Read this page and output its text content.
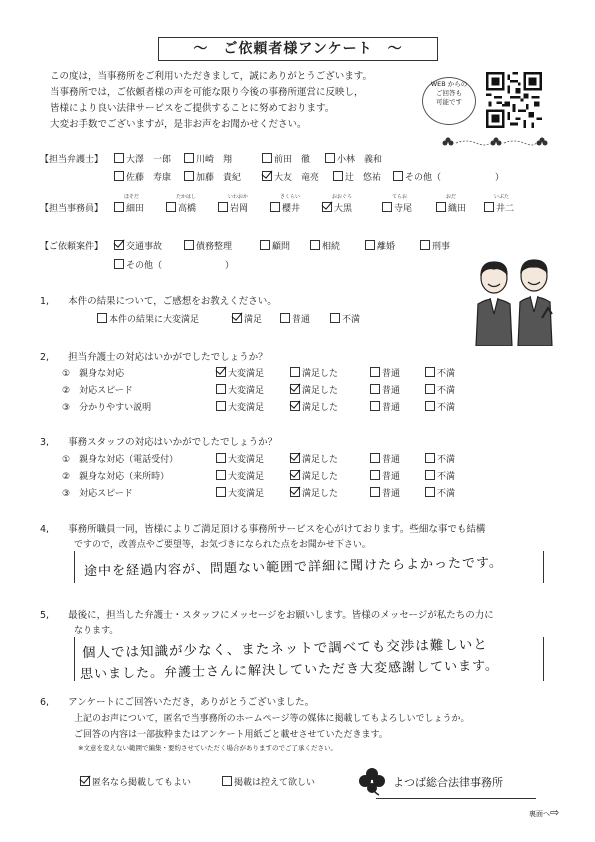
～　ご依頼者様アンケート　～
この度は，当事務所をご利用いただきまして，誠にありがとうございます。
当事務所では，ご依頼者様の声を可能な限り今後の事務所運営に反映し，
皆様により良い法律サービスをご提供することに努めております。
大変お手数でございますが，是非お声をお聞かせください。
WEB からの
ご回答も
可能です
【担当弁護士】	大澤　一郎	川崎　翔	前田　徹	小林　義和
佐藤　寿康	加藤　貴紀	大友　竜亮	辻　悠祐	その他（　　　　　　）
【担当事務員】
ほそだ	たかはし	いわおか	さくらい	おおぐろ	てらお	おだ	いぶた
細田	高橋	岩岡	櫻井	大黒	寺尾	織田	井二
【ご依頼案件】	交通事故	債務整理	顧問	相続	離婚	刑事
その他（　　　　　　　）
1,　　 本件の結果について，ご感想をお教えください。
本件の結果に大変満足	満足	普通	不満
2,　　 担当弁護士の対応はいかがでしたでしょうか？
①　親身な対応	大変満足	満足した	普通	不満
②　対応スピード	大変満足	満足した	普通	不満
③　分かりやすい説明	大変満足	満足した	普通	不満
3,　　 事務スタッフの対応はいかがでしたでしょうか？
①　親身な対応（電話受付）	大変満足	満足した	普通	不満
②　親身な対応（来所時）	大変満足	満足した	普通	不満
③　対応スピード	大変満足	満足した	普通	不満
4,　　 事務所職員一同，皆様によりご満足頂ける事務所サービスを心がけております。些細な事でも結構
ですので，改善点やご要望等，お気づきになられた点をお聞かせ下さい。
途中を経過内容が、問題ない範囲で詳細に聞けたらよかったです。
5,　　 最後に，担当した弁護士・スタッフにメッセージをお願いします。皆様のメッセージが私たちの力に
なります。
個人では知識が少なく、またネットで調べても交渉は難しいと
思いました。弁護士さんに解決していただき大変感謝しています。
6,　　 アンケートにご回答いただき，ありがとうございました。
上記のお声について，匿名で当事務所のホームページ等の媒体に掲載してもよろしいでしょうか。
ご回答の内容は一部抜粋またはアンケート用紙ごと載せさせていただきます。
※文意を変えない範囲で編集・要約させていただく場合がありますのでご了承ください。
匿名なら掲載してもよい	掲載は控えて欲しい	よつば総合法律事務所
裏面へ⇨
